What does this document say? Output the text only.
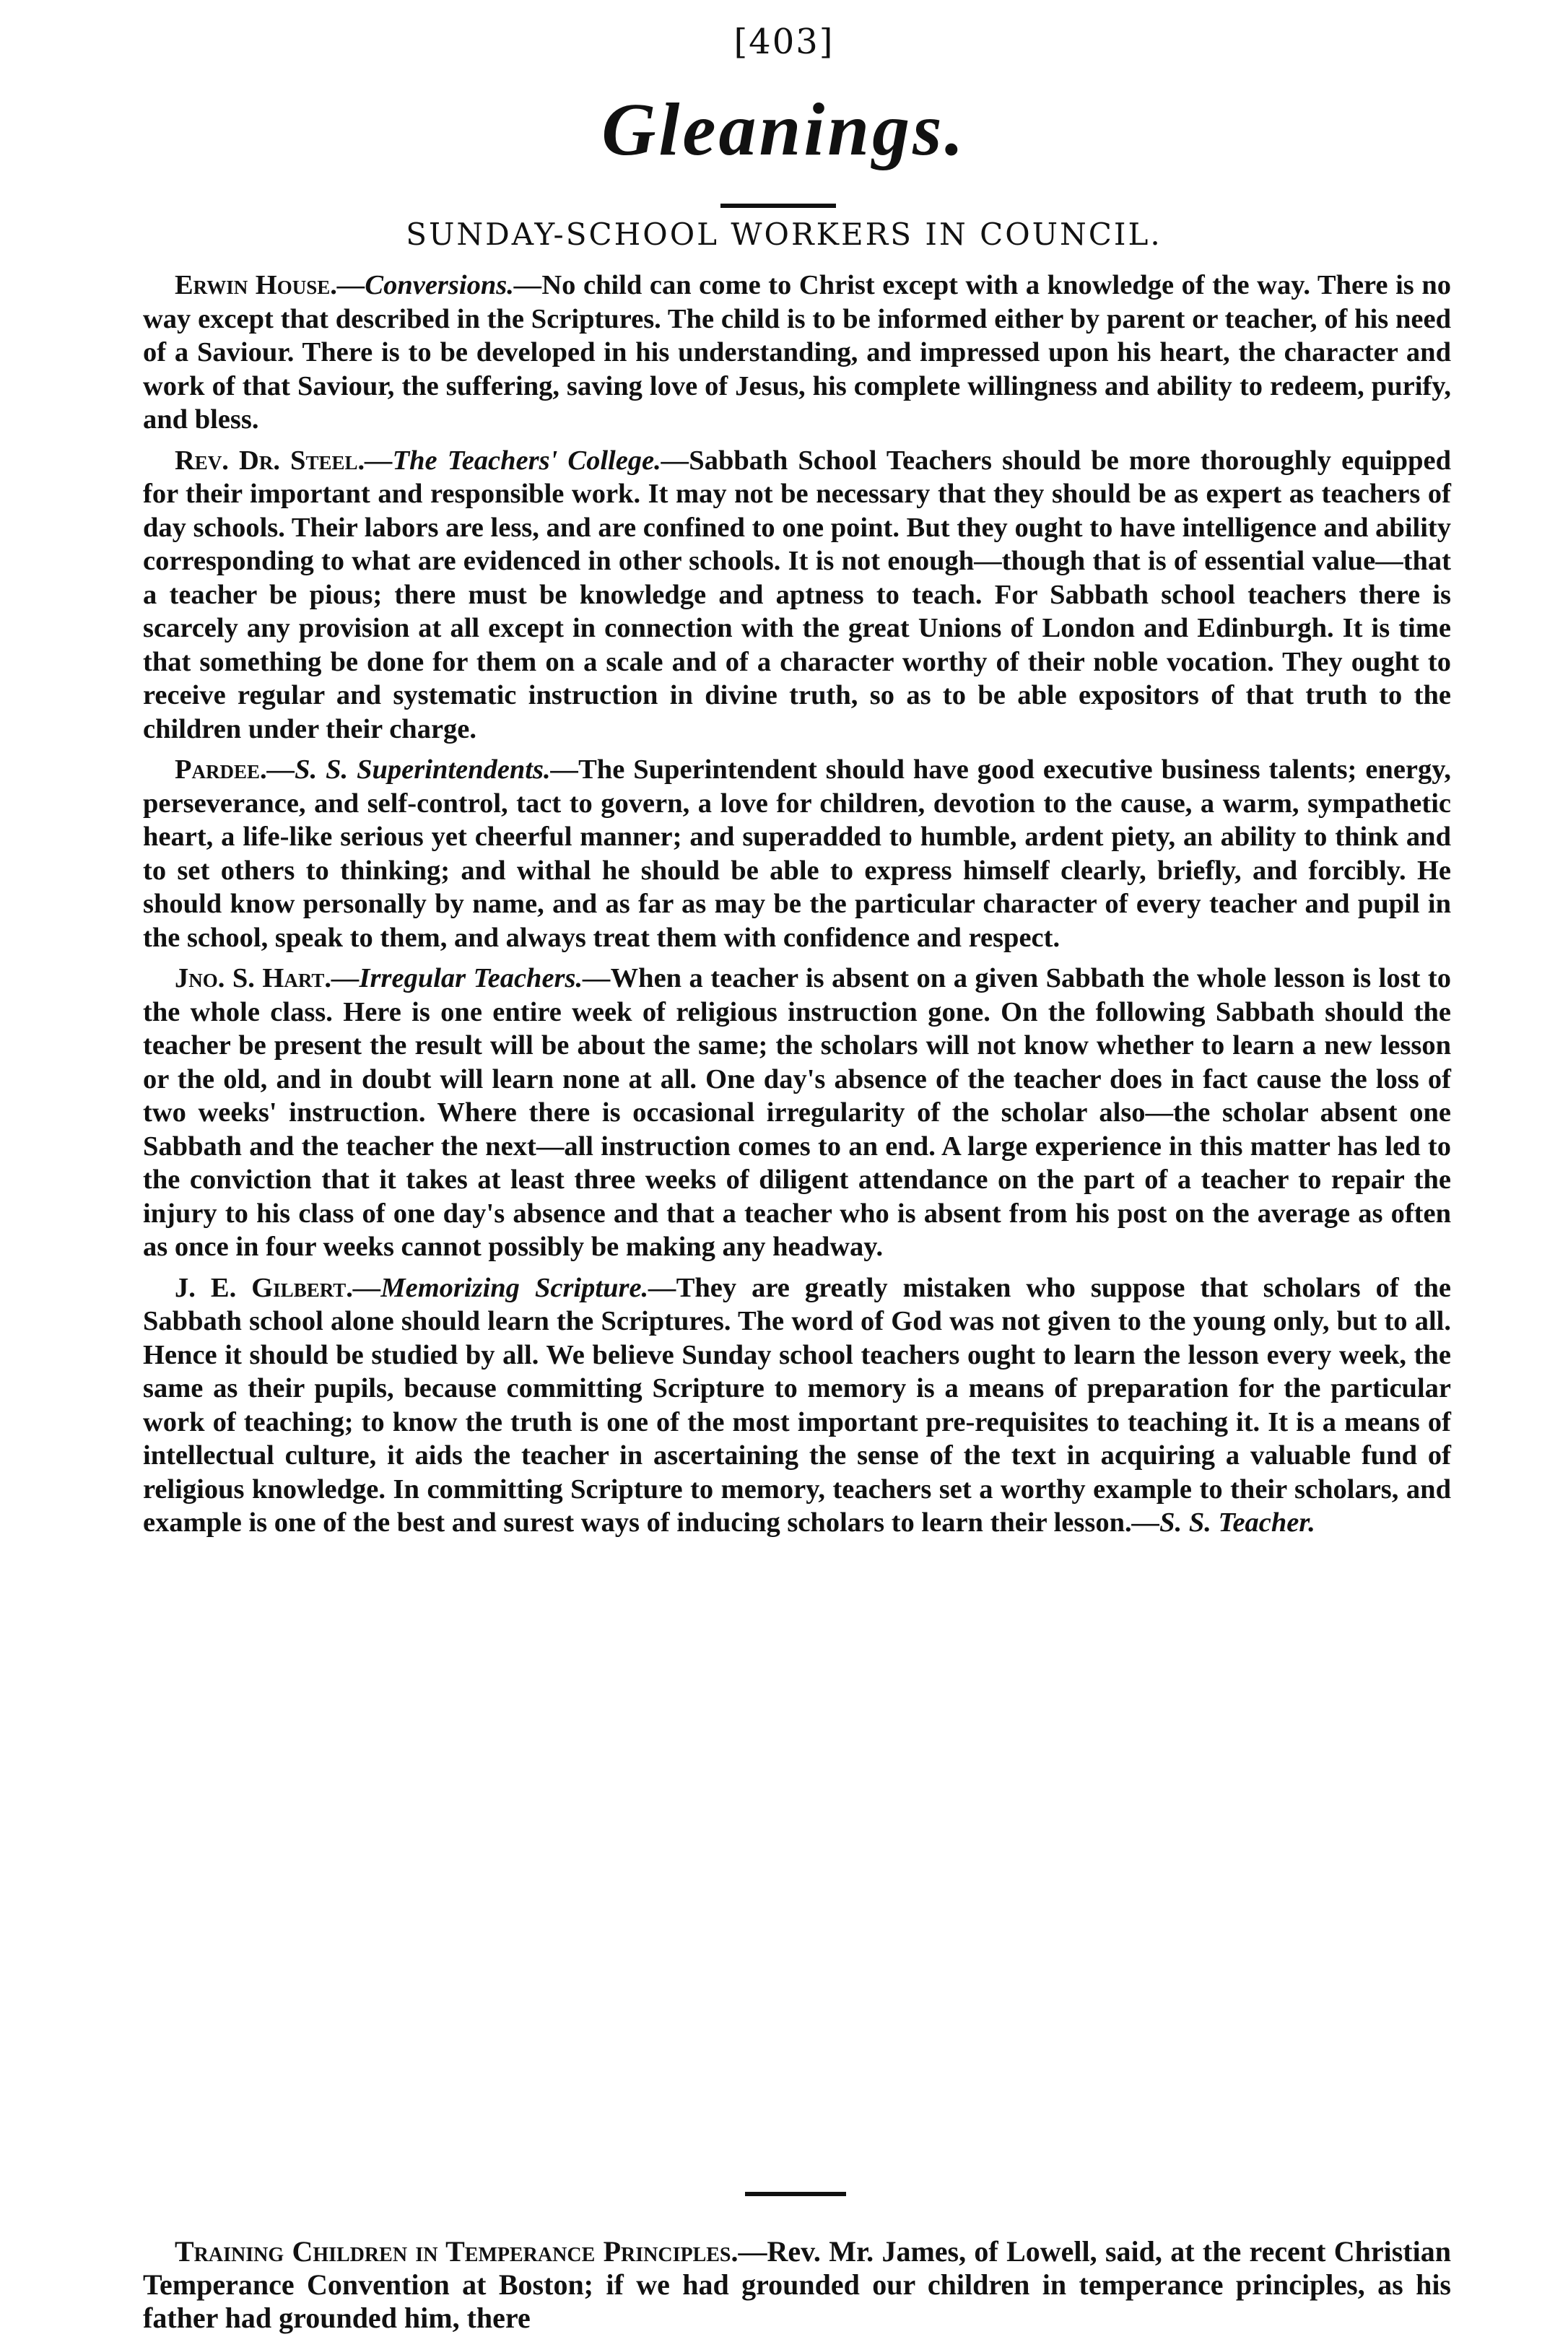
[403]
Gleanings.
SUNDAY-SCHOOL WORKERS IN COUNCIL.

Erwin House.—Conversions.—No child can come to Christ except with a knowledge of the way. There is no way except that described in the Scriptures. The child is to be informed either by parent or teacher, of his need of a Saviour. There is to be developed in his understanding, and impressed upon his heart, the character and work of that Saviour, the suffering, saving love of Jesus, his complete willingness and ability to redeem, purify, and bless.

Rev. Dr. Steel.—The Teachers' College.—Sabbath School Teachers should be more thoroughly equipped for their important and responsible work. It may not be necessary that they should be as expert as teachers of day schools. Their labors are less, and are confined to one point. But they ought to have intelligence and ability corresponding to what are evidenced in other schools. It is not enough—though that is of essential value—that a teacher be pious; there must be knowledge and aptness to teach. For Sabbath school teachers there is scarcely any provision at all except in connection with the great Unions of London and Edinburgh. It is time that something be done for them on a scale and of a character worthy of their noble vocation. They ought to receive regular and systematic instruction in divine truth, so as to be able expositors of that truth to the children under their charge.

Pardee.—S. S. Superintendents.—The Superintendent should have good executive business talents; energy, perseverance, and self-control, tact to govern, a love for children, devotion to the cause, a warm, sympathetic heart, a life-like serious yet cheerful manner; and superadded to humble, ardent piety, an ability to think and to set others to thinking; and withal he should be able to express himself clearly, briefly, and forcibly. He should know personally by name, and as far as may be the particular character of every teacher and pupil in the school, speak to them, and always treat them with confidence and respect.

Jno. S. Hart.—Irregular Teachers.—When a teacher is absent on a given Sabbath the whole lesson is lost to the whole class. Here is one entire week of religious instruction gone. On the following Sabbath should the teacher be present the result will be about the same; the scholars will not know whether to learn a new lesson or the old, and in doubt will learn none at all. One day's absence of the teacher does in fact cause the loss of two weeks' instruction. Where there is occasional irregularity of the scholar also—the scholar absent one Sabbath and the teacher the next—all instruction comes to an end. A large experience in this matter has led to the conviction that it takes at least three weeks of diligent attendance on the part of a teacher to repair the injury to his class of one day's absence and that a teacher who is absent from his post on the average as often as once in four weeks cannot possibly be making any headway.

J. E. Gilbert.—Memorizing Scripture.—They are greatly mistaken who suppose that scholars of the Sabbath school alone should learn the Scriptures. The word of God was not given to the young only, but to all. Hence it should be studied by all. We believe Sunday school teachers ought to learn the lesson every week, the same as their pupils, because committing Scripture to memory is a means of preparation for the particular work of teaching; to know the truth is one of the most important pre-requisites to teaching it. It is a means of intellectual culture, it aids the teacher in ascertaining the sense of the text in acquiring a valuable fund of religious knowledge. In committing Scripture to memory, teachers set a worthy example to their scholars, and example is one of the best and surest ways of inducing scholars to learn their lesson.—S. S. Teacher.

Training Children in Temperance Principles.—Rev. Mr. James, of Lowell, said, at the recent Christian Temperance Convention at Boston; if we had grounded our children in temperance principles, as his father had grounded him, there
